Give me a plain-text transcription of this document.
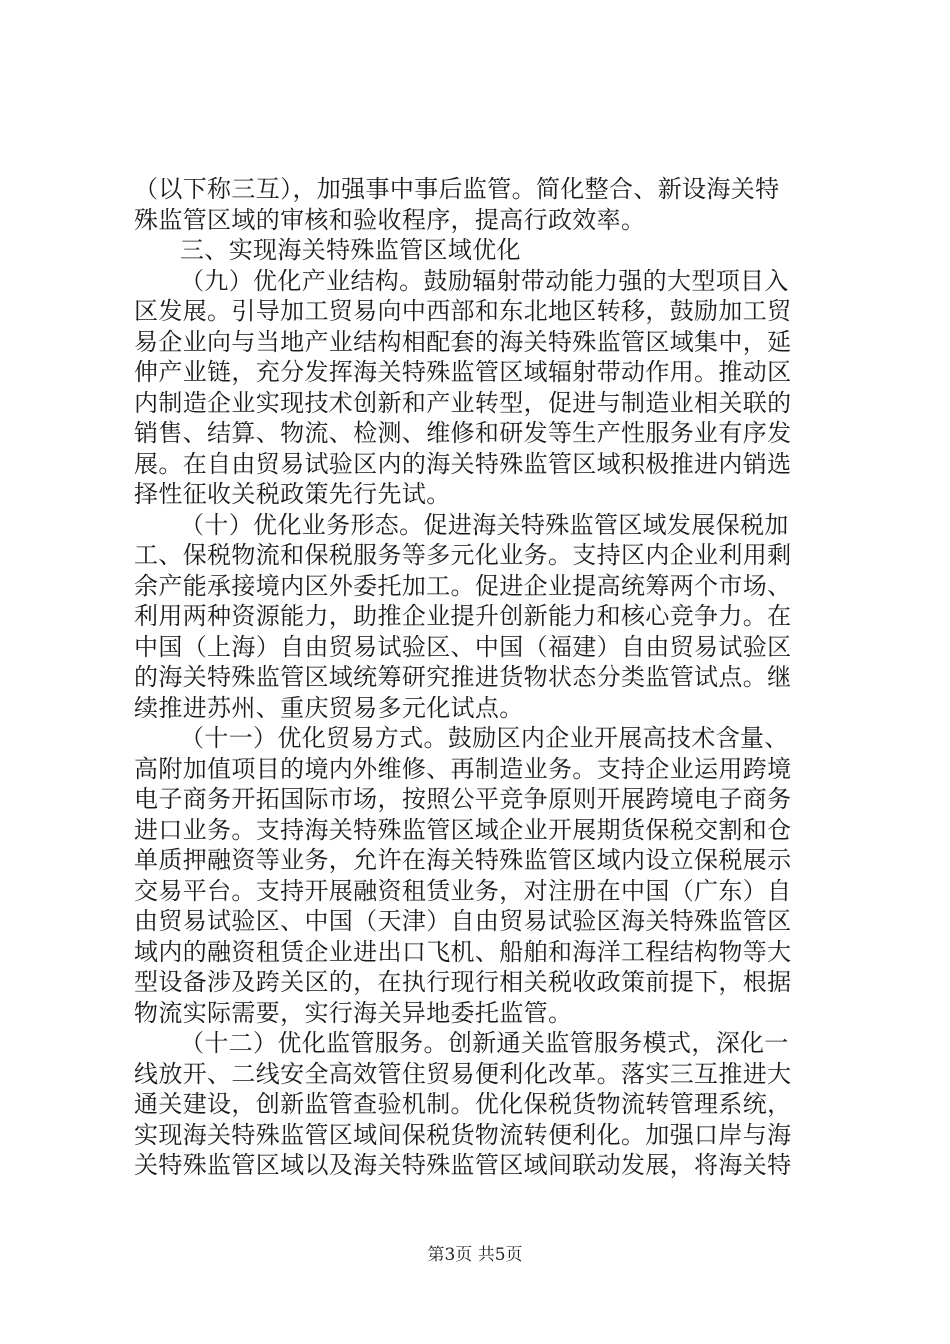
（以下称三互），加强事中事后监管。简化整合、新设海关特
殊监管区域的审核和验收程序，提高行政效率。
三、实现海关特殊监管区域优化
（九）优化产业结构。鼓励辐射带动能力强的大型项目入
区发展。引导加工贸易向中西部和东北地区转移，鼓励加工贸
易企业向与当地产业结构相配套的海关特殊监管区域集中，延
伸产业链，充分发挥海关特殊监管区域辐射带动作用。推动区
内制造企业实现技术创新和产业转型，促进与制造业相关联的
销售、结算、物流、检测、维修和研发等生产性服务业有序发
展。在自由贸易试验区内的海关特殊监管区域积极推进内销选
择性征收关税政策先行先试。
（十）优化业务形态。促进海关特殊监管区域发展保税加
工、保税物流和保税服务等多元化业务。支持区内企业利用剩
余产能承接境内区外委托加工。促进企业提高统筹两个市场、
利用两种资源能力，助推企业提升创新能力和核心竞争力。在
中国（上海）自由贸易试验区、中国（福建）自由贸易试验区
的海关特殊监管区域统筹研究推进货物状态分类监管试点。继
续推进苏州、重庆贸易多元化试点。
（十一）优化贸易方式。鼓励区内企业开展高技术含量、
高附加值项目的境内外维修、再制造业务。支持企业运用跨境
电子商务开拓国际市场，按照公平竞争原则开展跨境电子商务
进口业务。支持海关特殊监管区域企业开展期货保税交割和仓
单质押融资等业务，允许在海关特殊监管区域内设立保税展示
交易平台。支持开展融资租赁业务，对注册在中国（广东）自
由贸易试验区、中国（天津）自由贸易试验区海关特殊监管区
域内的融资租赁企业进出口飞机、船舶和海洋工程结构物等大
型设备涉及跨关区的，在执行现行相关税收政策前提下，根据
物流实际需要，实行海关异地委托监管。
（十二）优化监管服务。创新通关监管服务模式，深化一
线放开、二线安全高效管住贸易便利化改革。落实三互推进大
通关建设，创新监管查验机制。优化保税货物流转管理系统，
实现海关特殊监管区域间保税货物流转便利化。加强口岸与海
关特殊监管区域以及海关特殊监管区域间联动发展，将海关特
第3页 共5页
